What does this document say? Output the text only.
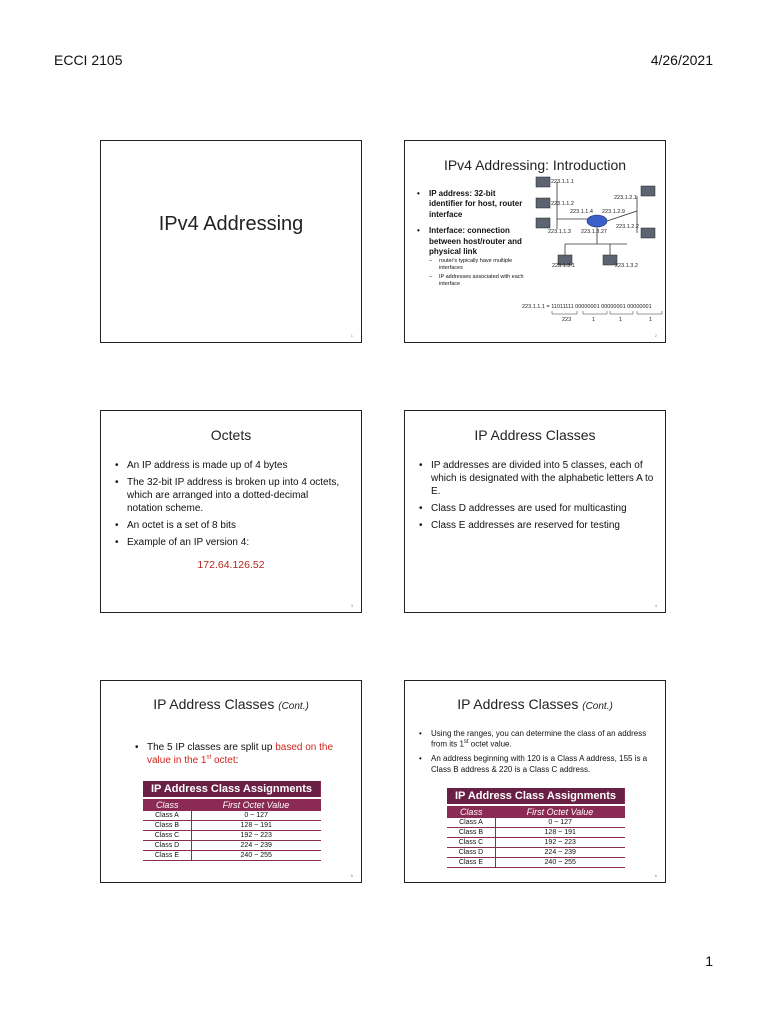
ECCI 2105	4/26/2021
IPv4 Addressing
1
IPv4 Addressing: Introduction
• IP address: 32-bit identifier for host, router interface
• Interface: connection between host/router and physical link
– router's typically have multiple interfaces
– IP addresses associated with each interface
223.1.1.1
223.1.1.2
223.1.1.4 223.1.2.9
223.1.2.1
223.1.1.3 223.1.3.27
223.1.2.2
223.1.3.1	223.1.3.2
223.1.1.1 = 11011111 00000001 00000001 00000001
223	1	1	1
2
Octets
• An IP address is made up of 4 bytes
• The 32-bit IP address is broken up into 4 octets, which are arranged into a dotted-decimal notation scheme.
• An octet is a set of 8 bits
• Example of an IP version 4:
172.64.126.52
3
IP Address Classes
• IP addresses are divided into 5 classes, each of which is designated with the alphabetic letters A to E.
• Class D addresses are used for multicasting
• Class E addresses are reserved for testing
4
IP Address Classes (Cont.)
• The 5 IP classes are split up based on the value in the 1st octet:
IP Address Class Assignments	
Class	First Octet Value
Class A	0 ~ 127
Class B	128 ~ 191
Class C	192 ~ 223
Class D	224 ~ 239
Class E	240 ~ 255
5
IP Address Classes (Cont.)
• Using the ranges, you can determine the class of an address from its 1st octet value.
• An address beginning with 120 is a Class A address, 155 is a Class B address & 220 is a Class C address.
IP Address Class Assignments	
Class	First Octet Value
Class A	0 ~ 127
Class B	128 ~ 191
Class C	192 ~ 223
Class D	224 ~ 239
Class E	240 ~ 255
6
1
